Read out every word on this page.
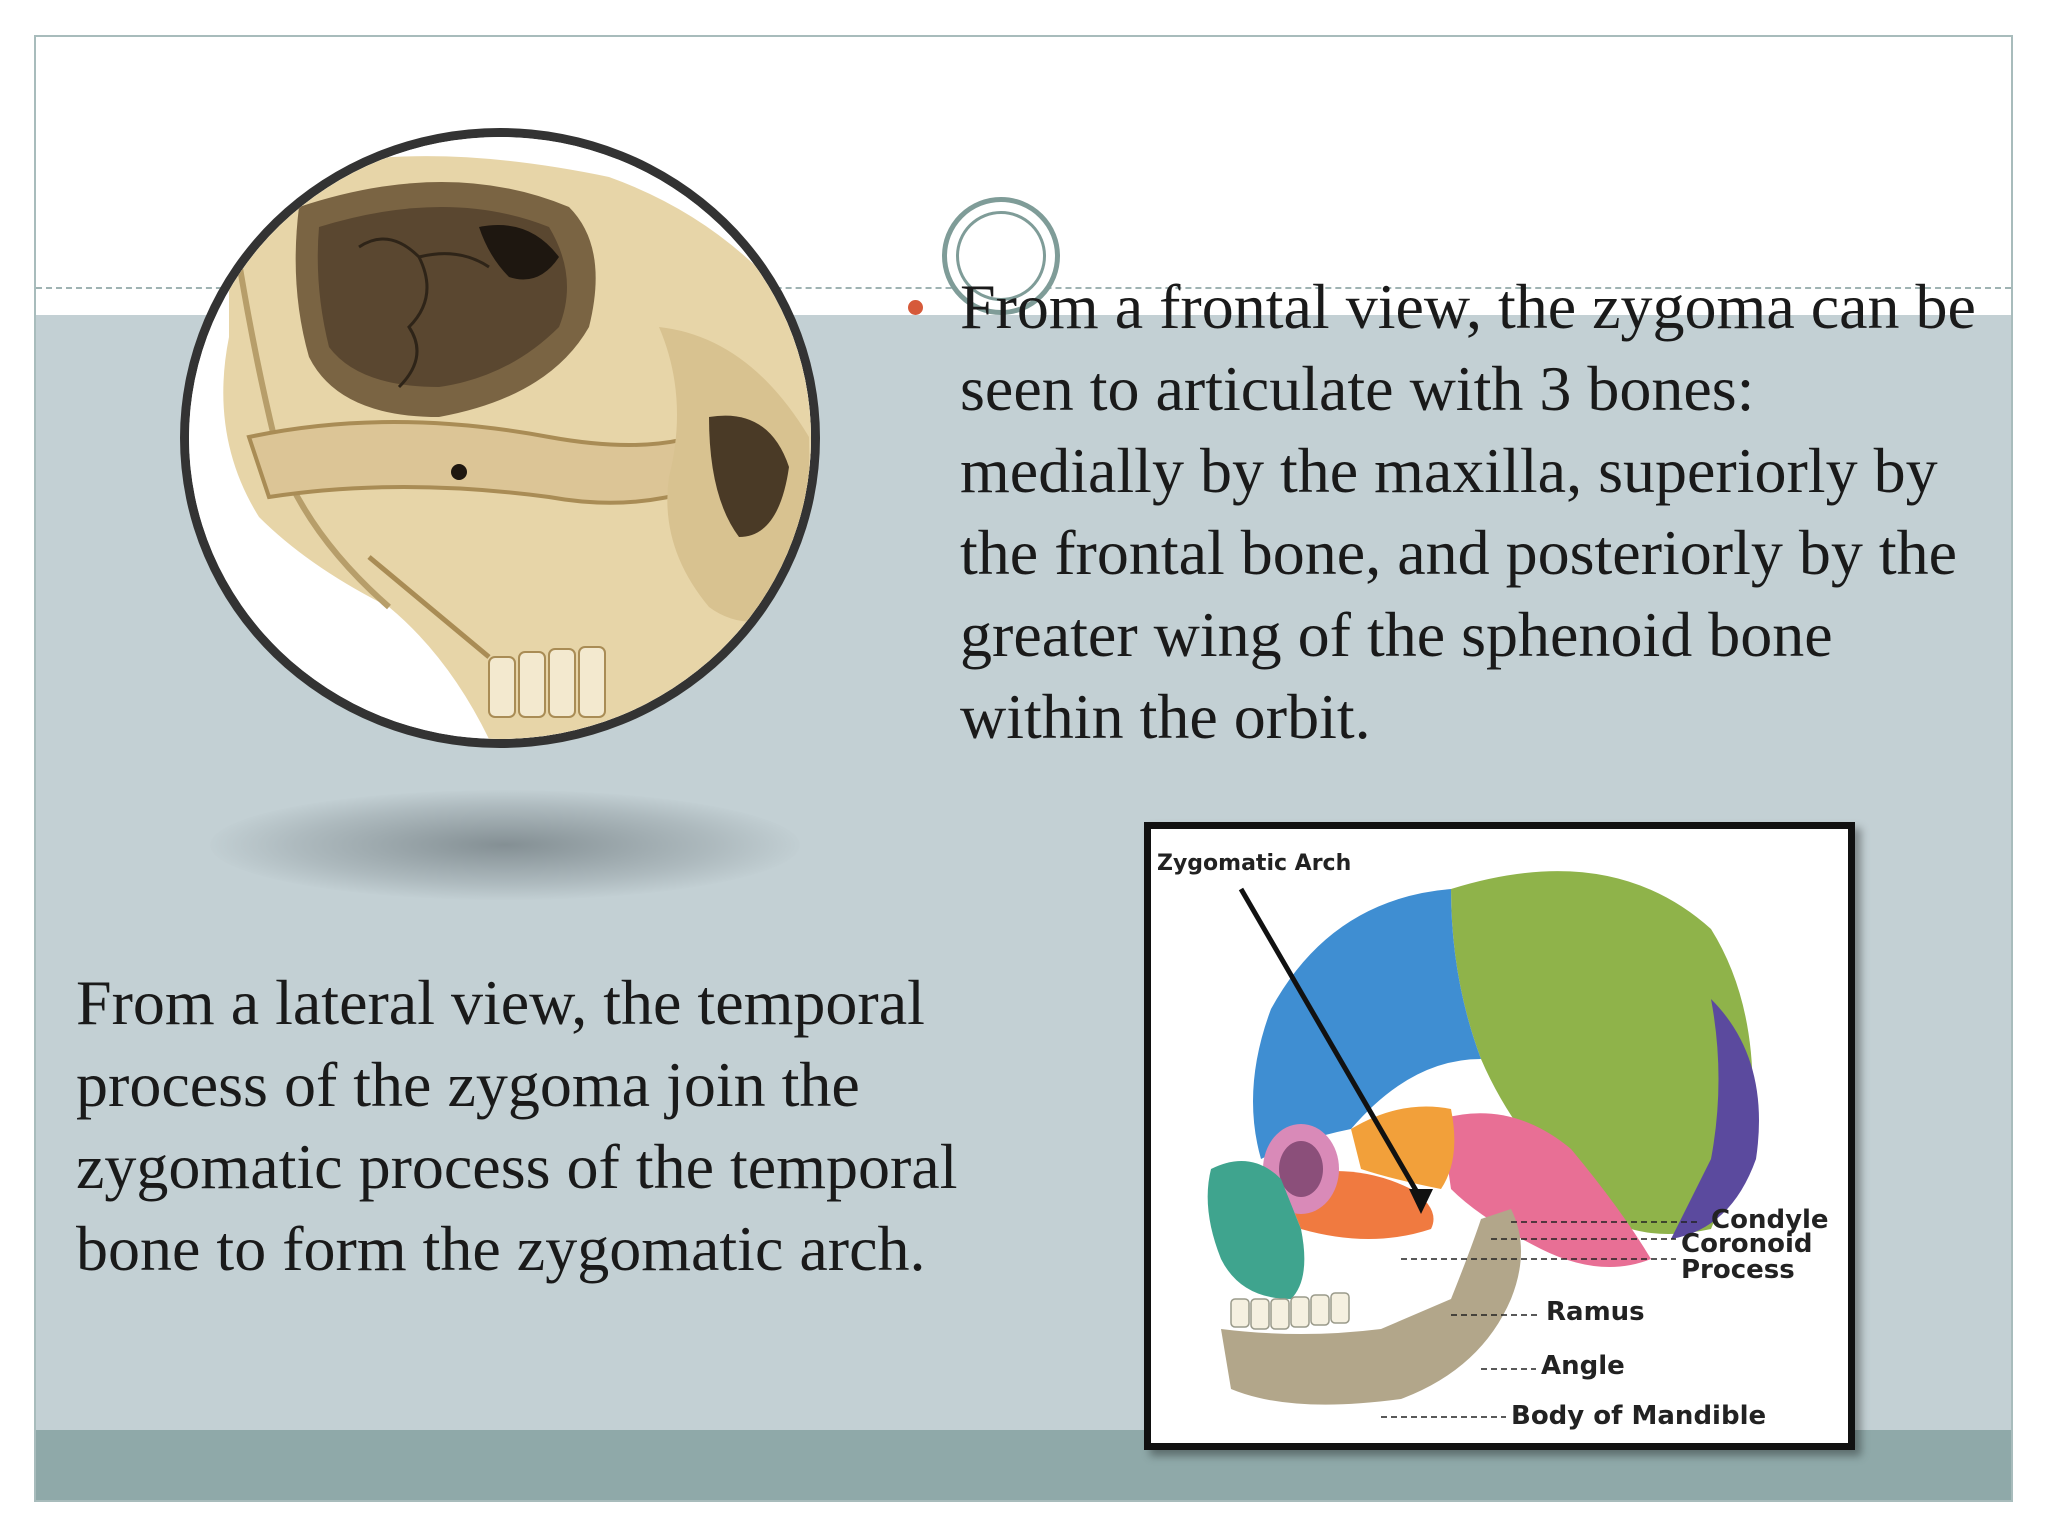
From a frontal view, the zygoma can be seen to articulate with 3 bones: medially by the maxilla, superiorly by the frontal bone, and posteriorly by the greater wing of the sphenoid bone within the orbit.
From a lateral view, the temporal process of the zygoma join the zygomatic process of the temporal bone to form the zygomatic arch.
Zygomatic Arch
Condyle
Coronoid
Process
Ramus
Angle
Body of Mandible
